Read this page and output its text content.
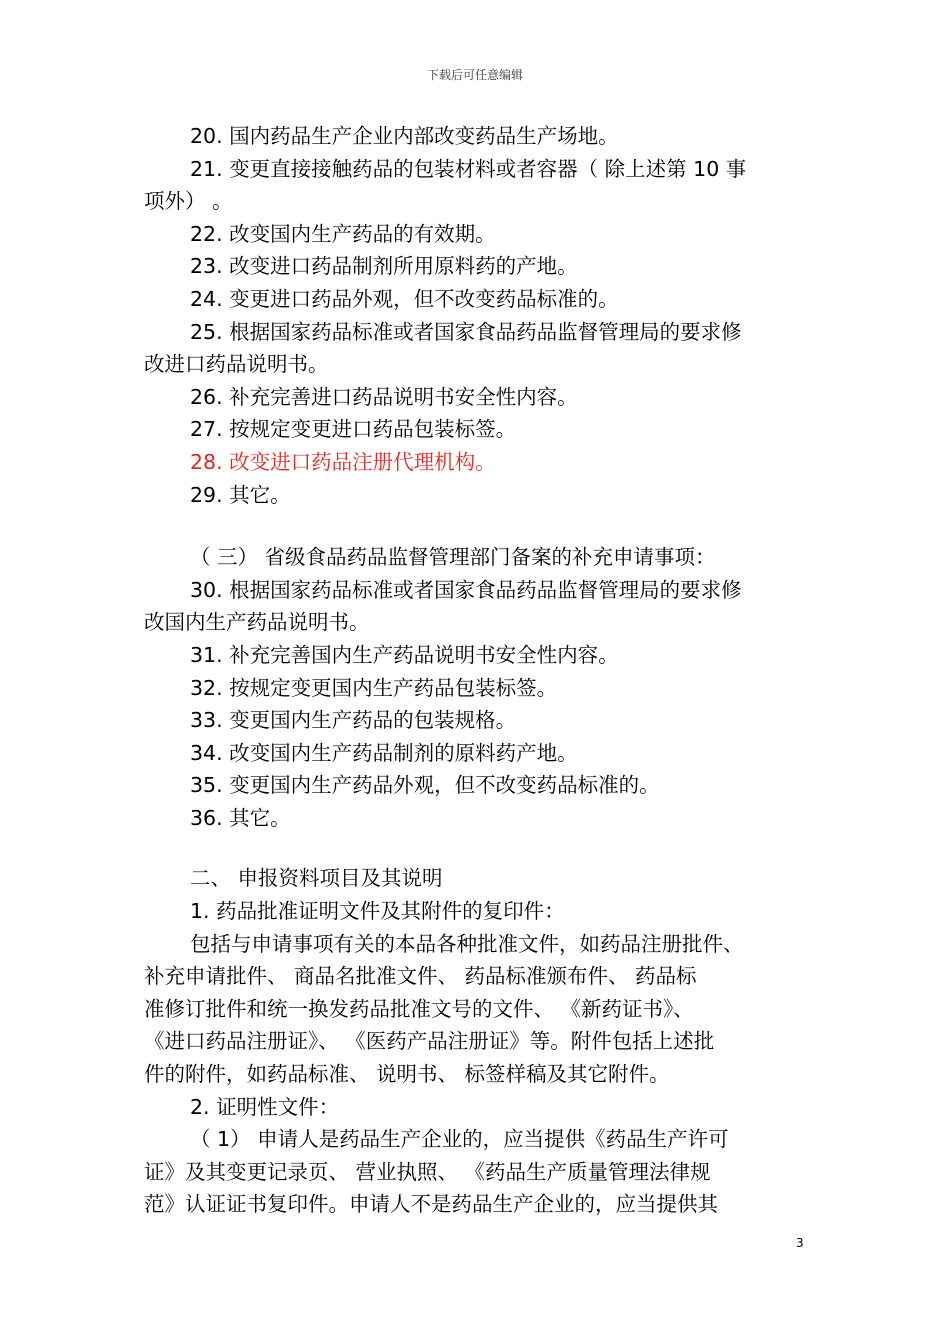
下载后可任意编辑
20. 国内药品生产企业内部改变药品生产场地。
21. 变更直接接触药品的包装材料或者容器（ 除上述第 10 事
项外） 。
22. 改变国内生产药品的有效期。
23. 改变进口药品制剂所用原料药的产地。
24. 变更进口药品外观，但不改变药品标准的。
25. 根据国家药品标准或者国家食品药品监督管理局的要求修
改进口药品说明书。
26. 补充完善进口药品说明书安全性内容。
27. 按规定变更进口药品包装标签。
28. 改变进口药品注册代理机构。
29. 其它。
（ 三） 省级食品药品监督管理部门备案的补充申请事项：
30. 根据国家药品标准或者国家食品药品监督管理局的要求修
改国内生产药品说明书。
31. 补充完善国内生产药品说明书安全性内容。
32. 按规定变更国内生产药品包装标签。
33. 变更国内生产药品的包装规格。
34. 改变国内生产药品制剂的原料药产地。
35. 变更国内生产药品外观，但不改变药品标准的。
36. 其它。
二、 申报资料项目及其说明
1. 药品批准证明文件及其附件的复印件：
包括与申请事项有关的本品各种批准文件，如药品注册批件、
补充申请批件、 商品名批准文件、 药品标准颁布件、 药品标
准修订批件和统一换发药品批准文号的文件、 《新药证书》、
《进口药品注册证》、 《医药产品注册证》等。附件包括上述批
件的附件，如药品标准、 说明书、 标签样稿及其它附件。
2. 证明性文件：
（ 1） 申请人是药品生产企业的，应当提供《药品生产许可
证》及其变更记录页、 营业执照、 《药品生产质量管理法律规
范》认证证书复印件。申请人不是药品生产企业的，应当提供其
3
